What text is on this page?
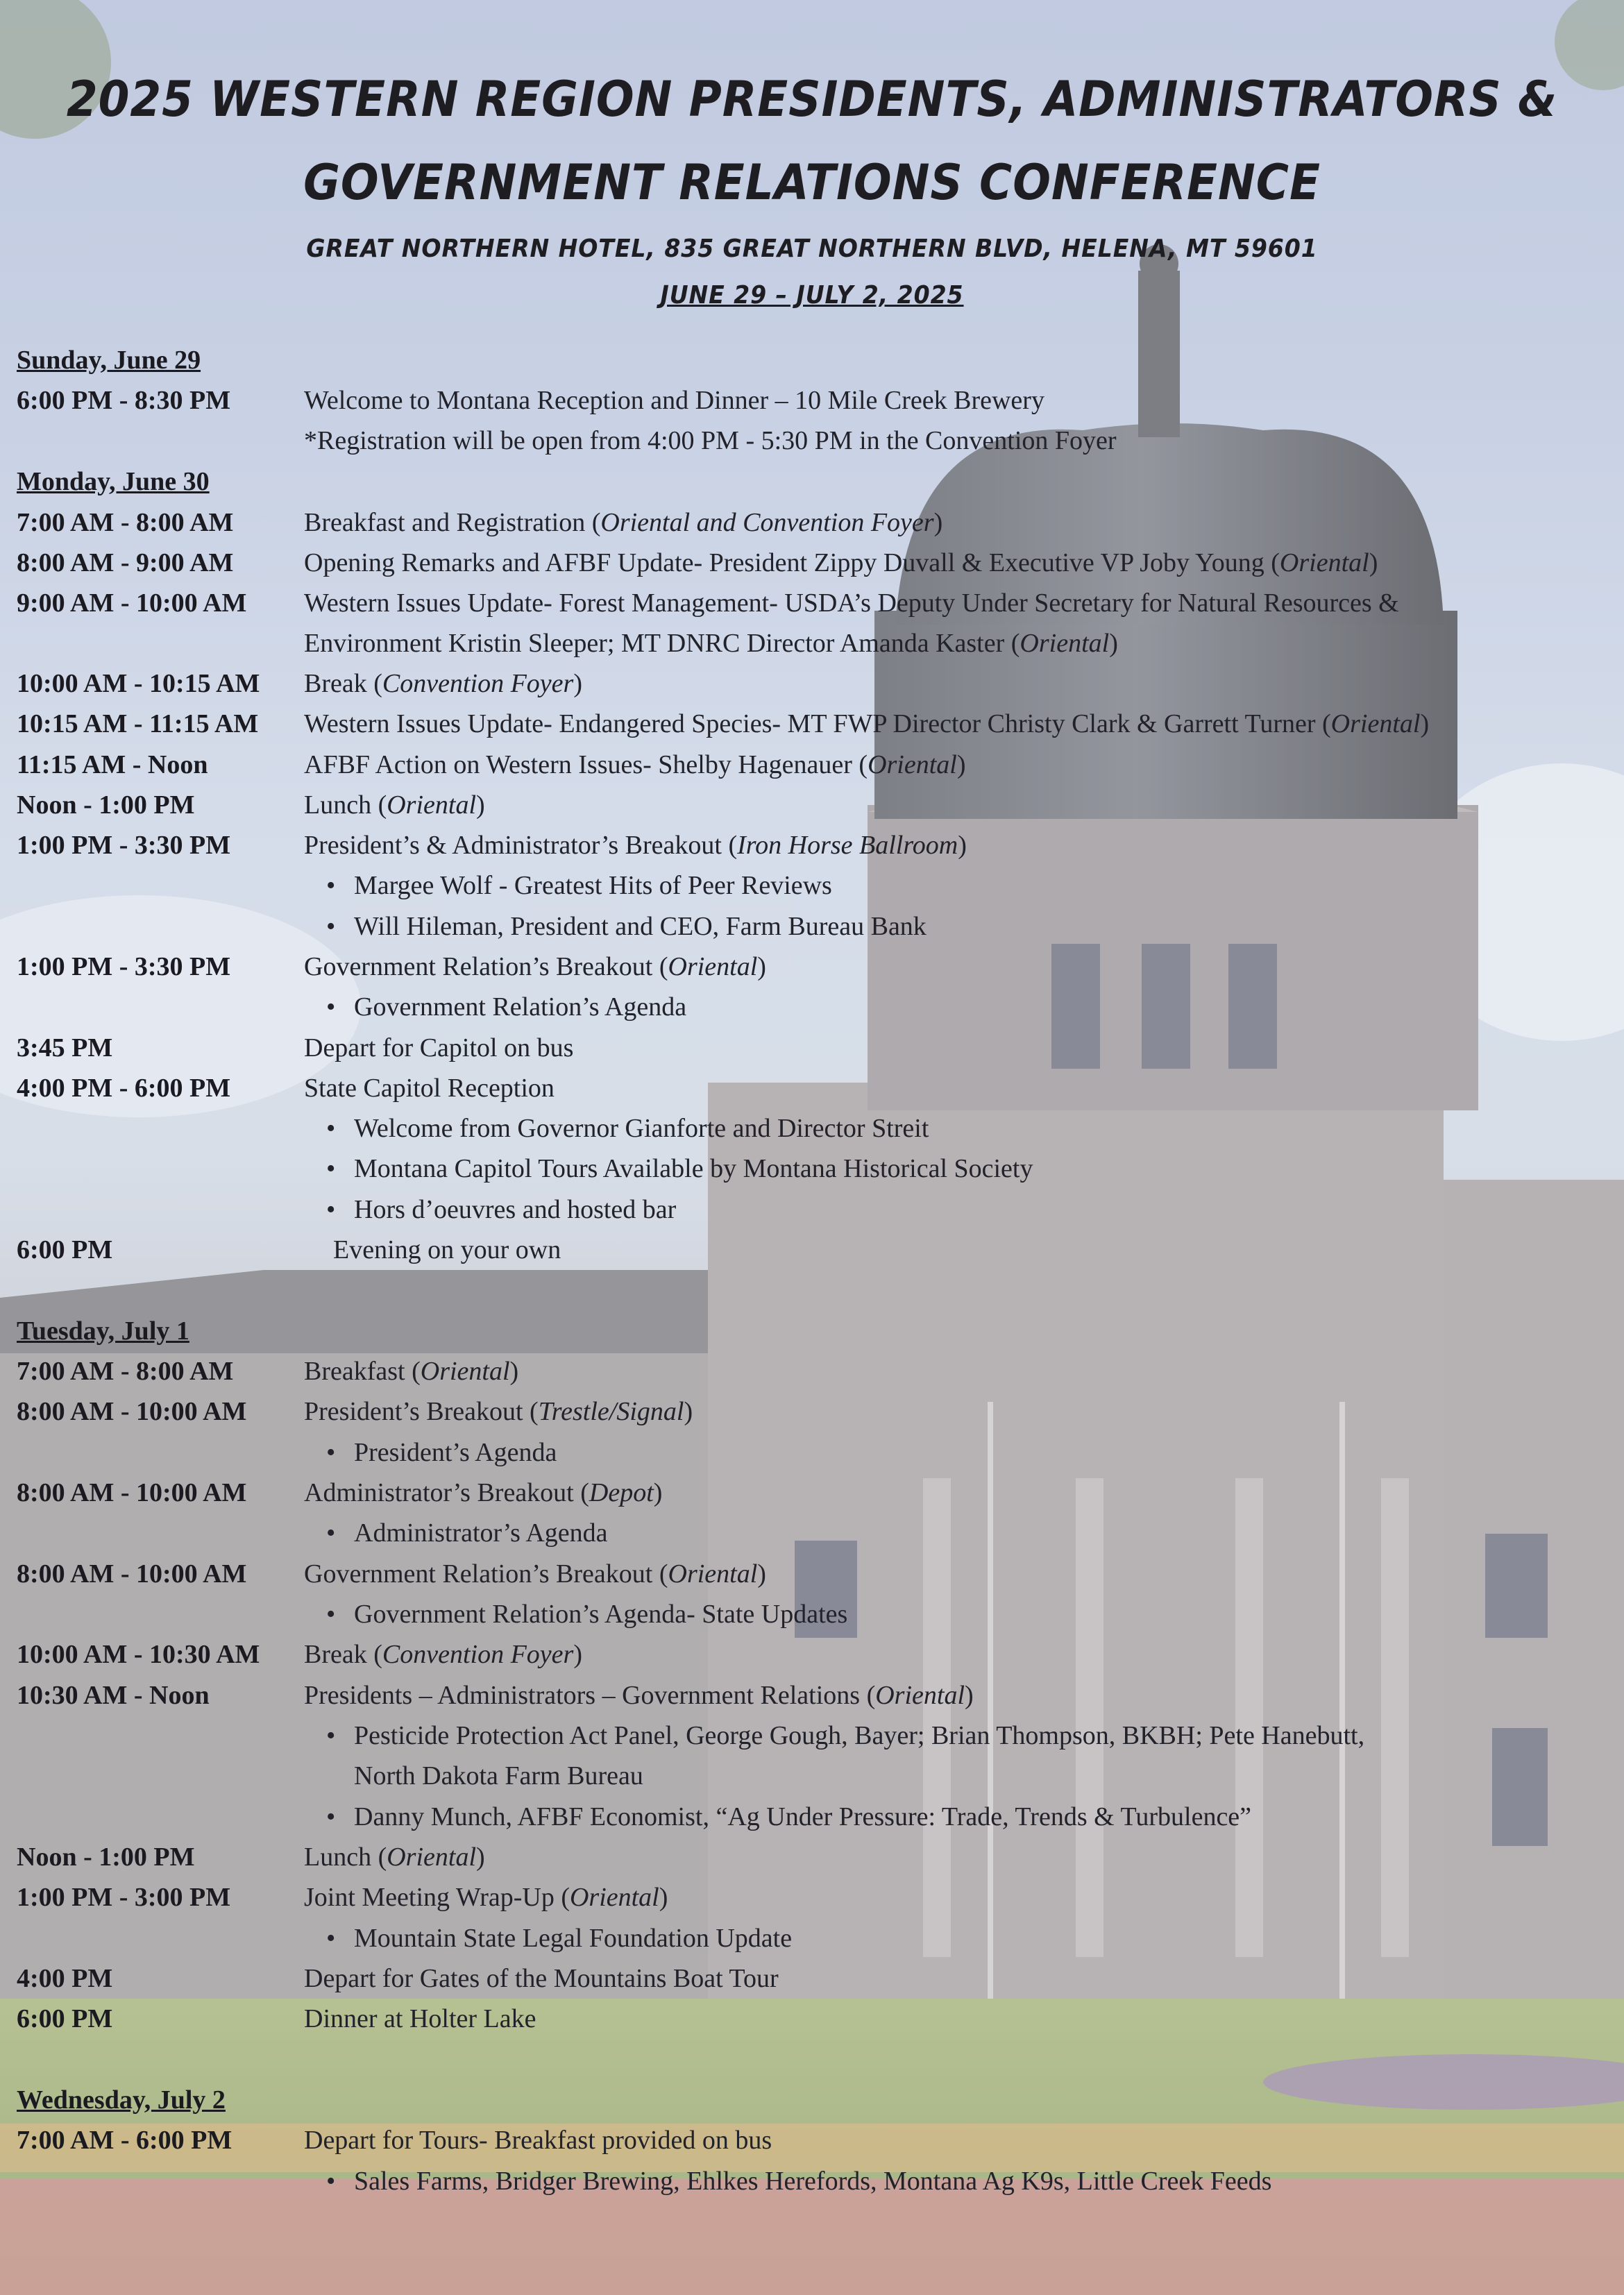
2025 WESTERN REGION PRESIDENTS, ADMINISTRATORS &
GOVERNMENT RELATIONS CONFERENCE
GREAT NORTHERN HOTEL, 835 GREAT NORTHERN BLVD, HELENA, MT 59601
JUNE 29 – JULY 2, 2025
Sunday, June 29
6:00 PM - 8:30 PM	Welcome to Montana Reception and Dinner – 10 Mile Creek Brewery
*Registration will be open from 4:00 PM - 5:30 PM in the Convention Foyer
Monday, June 30
7:00 AM - 8:00 AM	Breakfast and Registration (Oriental and Convention Foyer)
8:00 AM - 9:00 AM	Opening Remarks and AFBF Update- President Zippy Duvall & Executive VP Joby Young (Oriental)
9:00 AM - 10:00 AM Western Issues Update- Forest Management- USDA’s Deputy Under Secretary for Natural Resources &
Environment Kristin Sleeper; MT DNRC Director Amanda Kaster (Oriental)
10:00 AM - 10:15 AM Break (Convention Foyer)
10:15 AM - 11:15 AM Western Issues Update- Endangered Species- MT FWP Director Christy Clark & Garrett Turner (Oriental)
11:15 AM - Noon	AFBF Action on Western Issues- Shelby Hagenauer (Oriental)
Noon - 1:00 PM	Lunch (Oriental)
1:00 PM - 3:30 PM	President’s & Administrator’s Breakout (Iron Horse Ballroom)
• Margee Wolf - Greatest Hits of Peer Reviews
• Will Hileman, President and CEO, Farm Bureau Bank
1:00 PM - 3:30 PM	Government Relation’s Breakout (Oriental)
• Government Relation’s Agenda
3:45 PM	Depart for Capitol on bus
4:00 PM - 6:00 PM	State Capitol Reception
• Welcome from Governor Gianforte and Director Streit
• Montana Capitol Tours Available by Montana Historical Society
• Hors d’oeuvres and hosted bar
6:00 PM	Evening on your own
Tuesday, July 1
7:00 AM - 8:00 AM	Breakfast (Oriental)
8:00 AM - 10:00 AM President’s Breakout (Trestle/Signal)
• President’s Agenda
8:00 AM - 10:00 AM Administrator’s Breakout (Depot)
• Administrator’s Agenda
8:00 AM - 10:00 AM Government Relation’s Breakout (Oriental)
• Government Relation’s Agenda- State Updates
10:00 AM - 10:30 AM Break (Convention Foyer)
10:30 AM - Noon	Presidents – Administrators – Government Relations (Oriental)
• Pesticide Protection Act Panel, George Gough, Bayer; Brian Thompson, BKBH; Pete Hanebutt,
North Dakota Farm Bureau
• Danny Munch, AFBF Economist, “Ag Under Pressure: Trade, Trends & Turbulence”
Noon - 1:00 PM	Lunch (Oriental)
1:00 PM - 3:00 PM	Joint Meeting Wrap-Up (Oriental)
• Mountain State Legal Foundation Update
4:00 PM	Depart for Gates of the Mountains Boat Tour
6:00 PM	Dinner at Holter Lake
Wednesday, July 2
7:00 AM - 6:00 PM	Depart for Tours- Breakfast provided on bus
• Sales Farms, Bridger Brewing, Ehlkes Herefords, Montana Ag K9s, Little Creek Feeds
